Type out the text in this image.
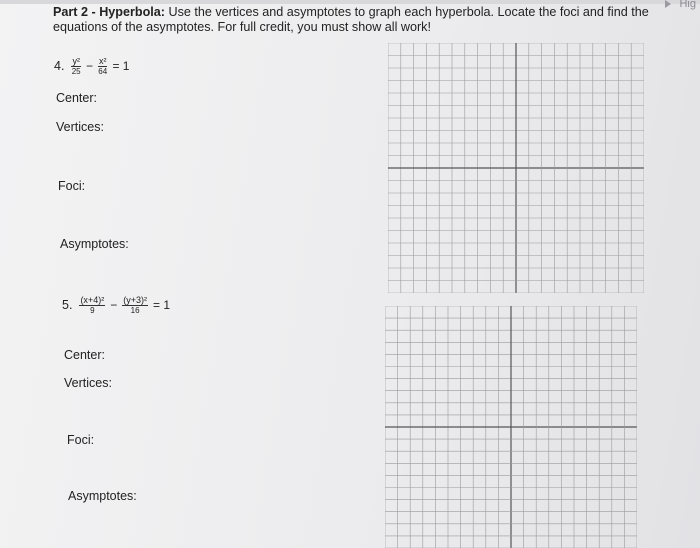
Hig
Part 2 - Hyperbola: Use the vertices and asymptotes to graph each hyperbola. Locate the foci and find the equations of the asymptotes. For full credit, you must show all work!
4. $\frac{\text{y²}}{25} - \frac{\text{x²}}{64} = 1$
Center:
Vertices:
Foci:
Asymptotes:
5. $\frac{\text{(x+4)²}}{9} - \frac{\text{(y+3)²}}{16} = 1$
Center:
Vertices:
Foci:
Asymptotes:
